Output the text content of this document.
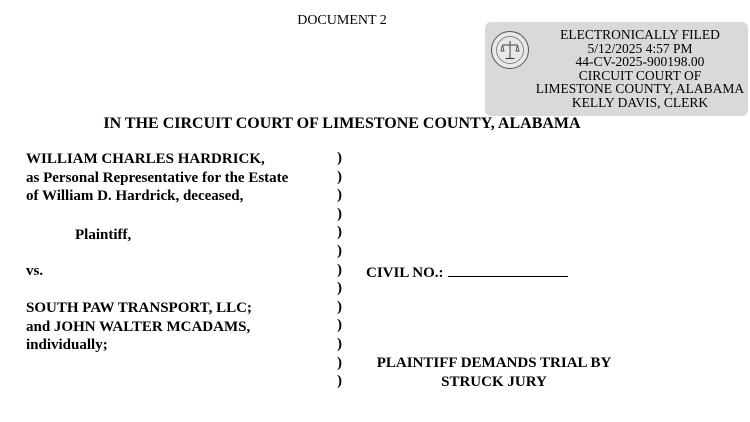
DOCUMENT 2
ELECTRONICALLY FILED
5/12/2025 4:57 PM
44-CV-2025-900198.00
CIRCUIT COURT OF
LIMESTONE COUNTY, ALABAMA
KELLY DAVIS, CLERK
IN THE CIRCUIT COURT OF LIMESTONE COUNTY, ALABAMA
WILLIAM CHARLES HARDRICK,
as Personal Representative for the Estate
of William D. Hardrick, deceased,
Plaintiff,
vs.
SOUTH PAW TRANSPORT, LLC;
and JOHN WALTER MCADAMS,
individually;
)
)
)
)
)
)
)
)
)
)
)
)
)
CIVIL NO.:
PLAINTIFF DEMANDS TRIAL BY
STRUCK JURY
